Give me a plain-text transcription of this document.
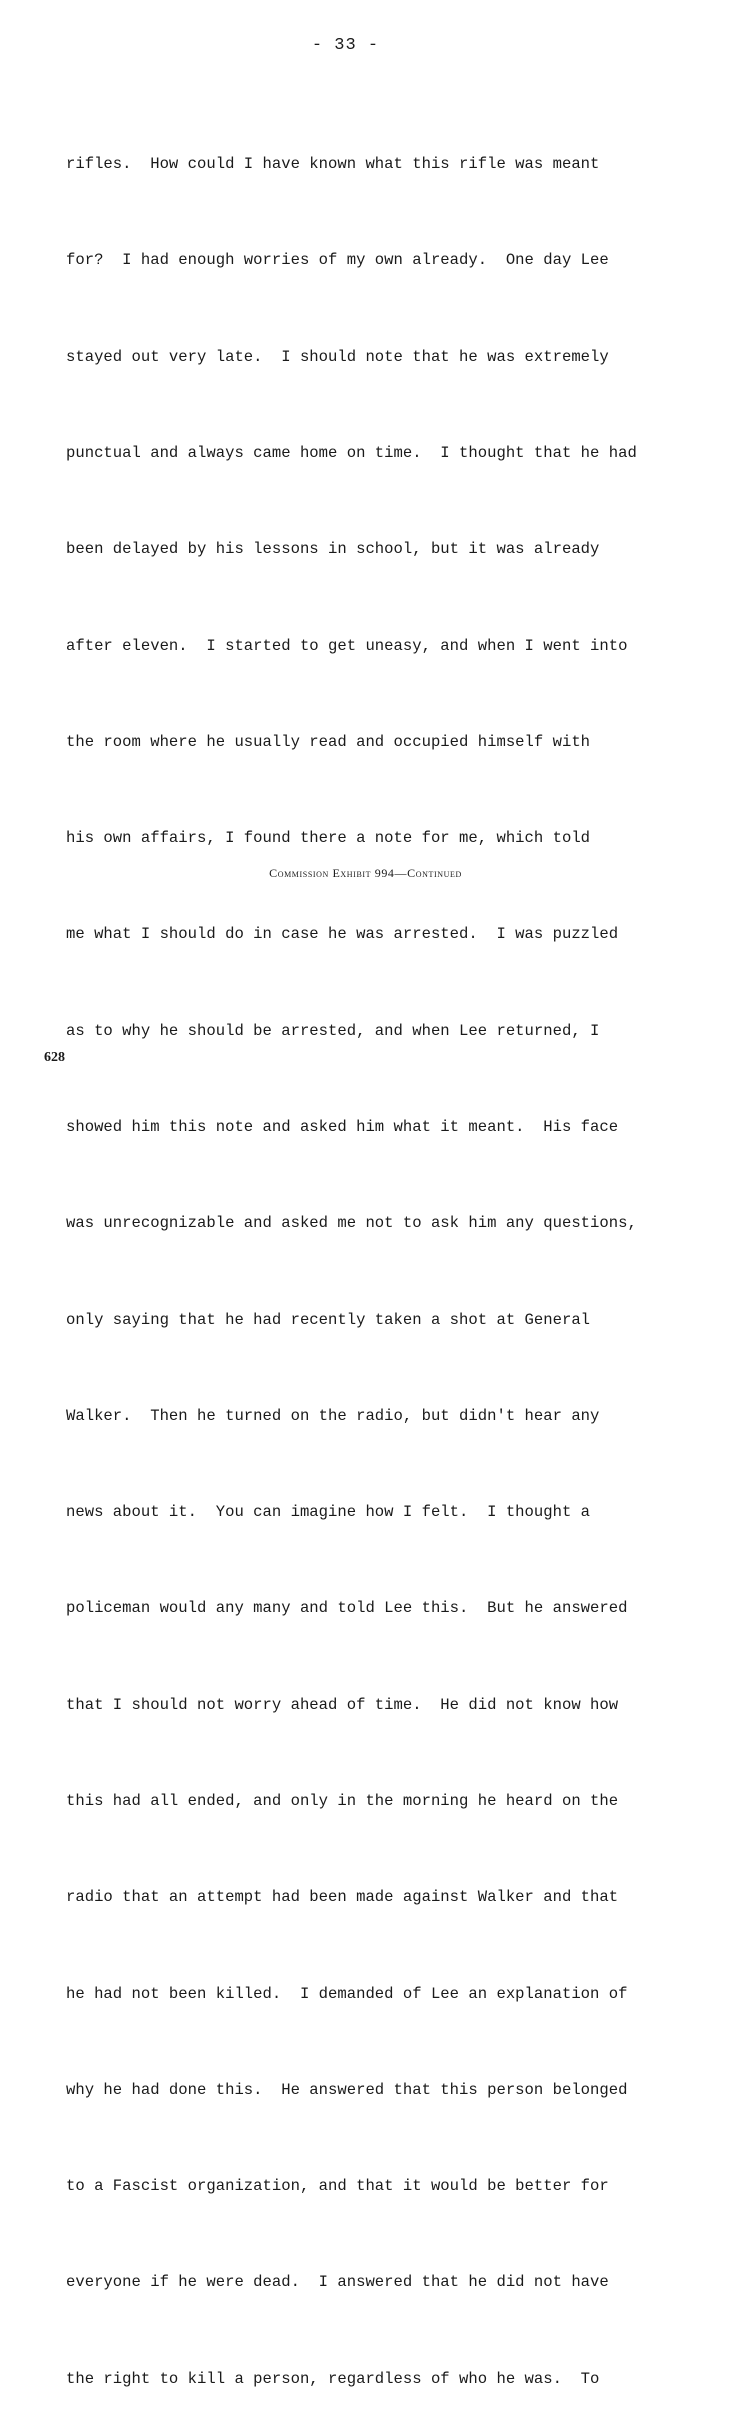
- 33 -

rifles.  How could I have known what this rifle was meant

for?  I had enough worries of my own already.  One day Lee

stayed out very late.  I should note that he was extremely

punctual and always came home on time.  I thought that he had

been delayed by his lessons in school, but it was already

after eleven.  I started to get uneasy, and when I went into

the room where he usually read and occupied himself with

his own affairs, I found there a note for me, which told

me what I should do in case he was arrested.  I was puzzled

as to why he should be arrested, and when Lee returned, I

showed him this note and asked him what it meant.  His face

was unrecognizable and asked me not to ask him any questions,

only saying that he had recently taken a shot at General

Walker.  Then he turned on the radio, but didn't hear any

news about it.  You can imagine how I felt.  I thought a

policeman would any many and told Lee this.  But he answered

that I should not worry ahead of time.  He did not know how

this had all ended, and only in the morning he heard on the

radio that an attempt had been made against Walker and that

he had not been killed.  I demanded of Lee an explanation of

why he had done this.  He answered that this person belonged

to a Fascist organization, and that it would be better for

everyone if he were dead.  I answered that he did not have

the right to kill a person, regardless of who he was.  To

Commission Exhibit 994—Continued
628
